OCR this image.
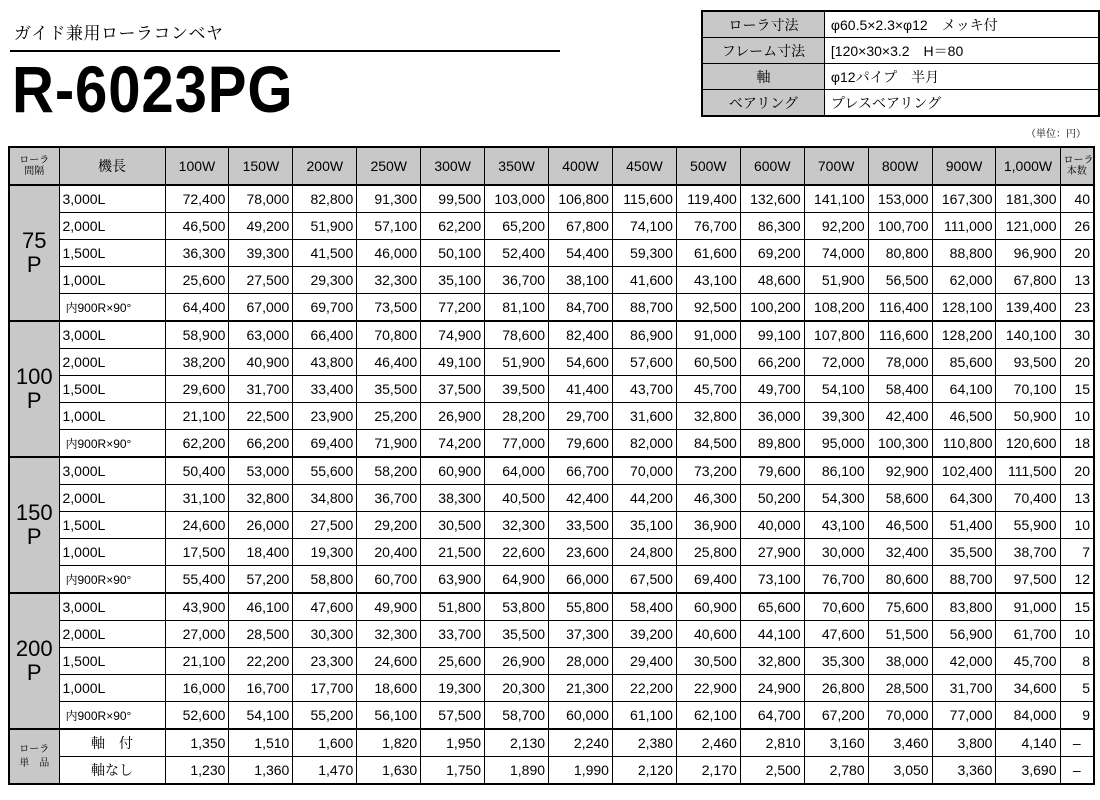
ガイド兼用ローラコンベヤ
R-6023PG
ローラ寸法	φ60.5×2.3×φ12　メッキ付
フレーム寸法	[120×30×3.2　H＝80
軸	φ12パイプ　半月
ベアリング	プレスベアリング
（単位：円）
ローラ
間隔	機長	100W	150W	200W	250W	300W	350W	400W	450W	500W	600W	700W	800W	900W	1,000W	ローラ
本数
75
P	3,000L	72,400	78,000	82,800	91,300	99,500	103,000	106,800	115,600	119,400	132,600	141,100	153,000	167,300	181,300	40
	2,000L	46,500	49,200	51,900	57,100	62,200	65,200	67,800	74,100	76,700	86,300	92,200	100,700	111,000	121,000	26
	1,500L	36,300	39,300	41,500	46,000	50,100	52,400	54,400	59,300	61,600	69,200	74,000	80,800	88,800	96,900	20
	1,000L	25,600	27,500	29,300	32,300	35,100	36,700	38,100	41,600	43,100	48,600	51,900	56,500	62,000	67,800	13
	内900R×90°	64,400	67,000	69,700	73,500	77,200	81,100	84,700	88,700	92,500	100,200	108,200	116,400	128,100	139,400	23
100
P	3,000L	58,900	63,000	66,400	70,800	74,900	78,600	82,400	86,900	91,000	99,100	107,800	116,600	128,200	140,100	30
	2,000L	38,200	40,900	43,800	46,400	49,100	51,900	54,600	57,600	60,500	66,200	72,000	78,000	85,600	93,500	20
	1,500L	29,600	31,700	33,400	35,500	37,500	39,500	41,400	43,700	45,700	49,700	54,100	58,400	64,100	70,100	15
	1,000L	21,100	22,500	23,900	25,200	26,900	28,200	29,700	31,600	32,800	36,000	39,300	42,400	46,500	50,900	10
	内900R×90°	62,200	66,200	69,400	71,900	74,200	77,000	79,600	82,000	84,500	89,800	95,000	100,300	110,800	120,600	18
150
P	3,000L	50,400	53,000	55,600	58,200	60,900	64,000	66,700	70,000	73,200	79,600	86,100	92,900	102,400	111,500	20
	2,000L	31,100	32,800	34,800	36,700	38,300	40,500	42,400	44,200	46,300	50,200	54,300	58,600	64,300	70,400	13
	1,500L	24,600	26,000	27,500	29,200	30,500	32,300	33,500	35,100	36,900	40,000	43,100	46,500	51,400	55,900	10
	1,000L	17,500	18,400	19,300	20,400	21,500	22,600	23,600	24,800	25,800	27,900	30,000	32,400	35,500	38,700	7
	内900R×90°	55,400	57,200	58,800	60,700	63,900	64,900	66,000	67,500	69,400	73,100	76,700	80,600	88,700	97,500	12
200
P	3,000L	43,900	46,100	47,600	49,900	51,800	53,800	55,800	58,400	60,900	65,600	70,600	75,600	83,800	91,000	15
	2,000L	27,000	28,500	30,300	32,300	33,700	35,500	37,300	39,200	40,600	44,100	47,600	51,500	56,900	61,700	10
	1,500L	21,100	22,200	23,300	24,600	25,600	26,900	28,000	29,400	30,500	32,800	35,300	38,000	42,000	45,700	8
	1,000L	16,000	16,700	17,700	18,600	19,300	20,300	21,300	22,200	22,900	24,900	26,800	28,500	31,700	34,600	5
	内900R×90°	52,600	54,100	55,200	56,100	57,500	58,700	60,000	61,100	62,100	64,700	67,200	70,000	77,000	84,000	9
ローラ
単　品	軸　付	1,350	1,510	1,600	1,820	1,950	2,130	2,240	2,380	2,460	2,810	3,160	3,460	3,800	4,140	–
	軸なし	1,230	1,360	1,470	1,630	1,750	1,890	1,990	2,120	2,170	2,500	2,780	3,050	3,360	3,690	–
